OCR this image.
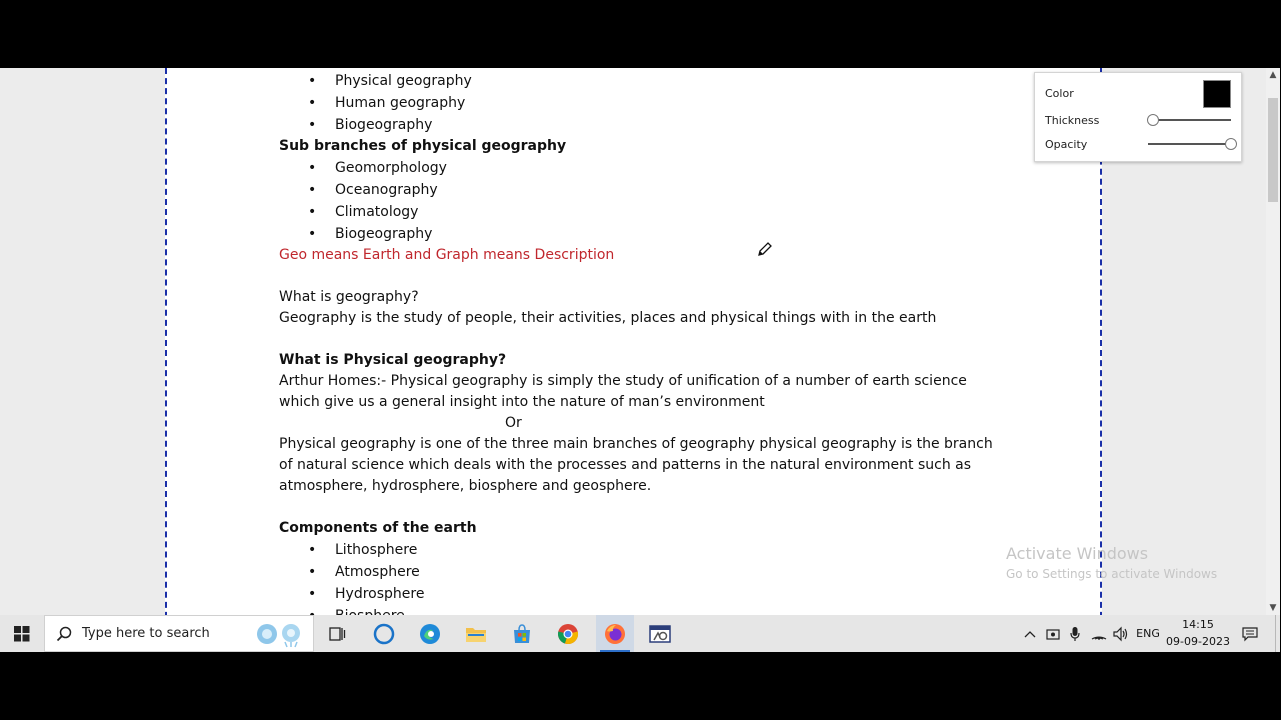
• Physical geography
• Human geography
• Biogeography
Sub branches of physical geography
• Geomorphology
• Oceanography
• Climatology
• Biogeography
Geo means Earth and Graph means Description
What is geography?
Geography is the study of people, their activities, places and physical things with in the earth
What is Physical geography?
Arthur Homes:- Physical geography is simply the study of unification of a number of earth science
which give us a general insight into the nature of man’s environment
Or
Physical geography is one of the three main branches of geography physical geography is the branch
of natural science which deals with the processes and patterns in the natural environment such as
atmosphere, hydrosphere, biosphere and geosphere.
Components of the earth
• Lithosphere
• Atmosphere
• Hydrosphere
Color
Thickness
Opacity
Activate Windows
Go to Settings to activate Windows
▲
▼
Type here to search	ENG
14:15
09-09-2023
